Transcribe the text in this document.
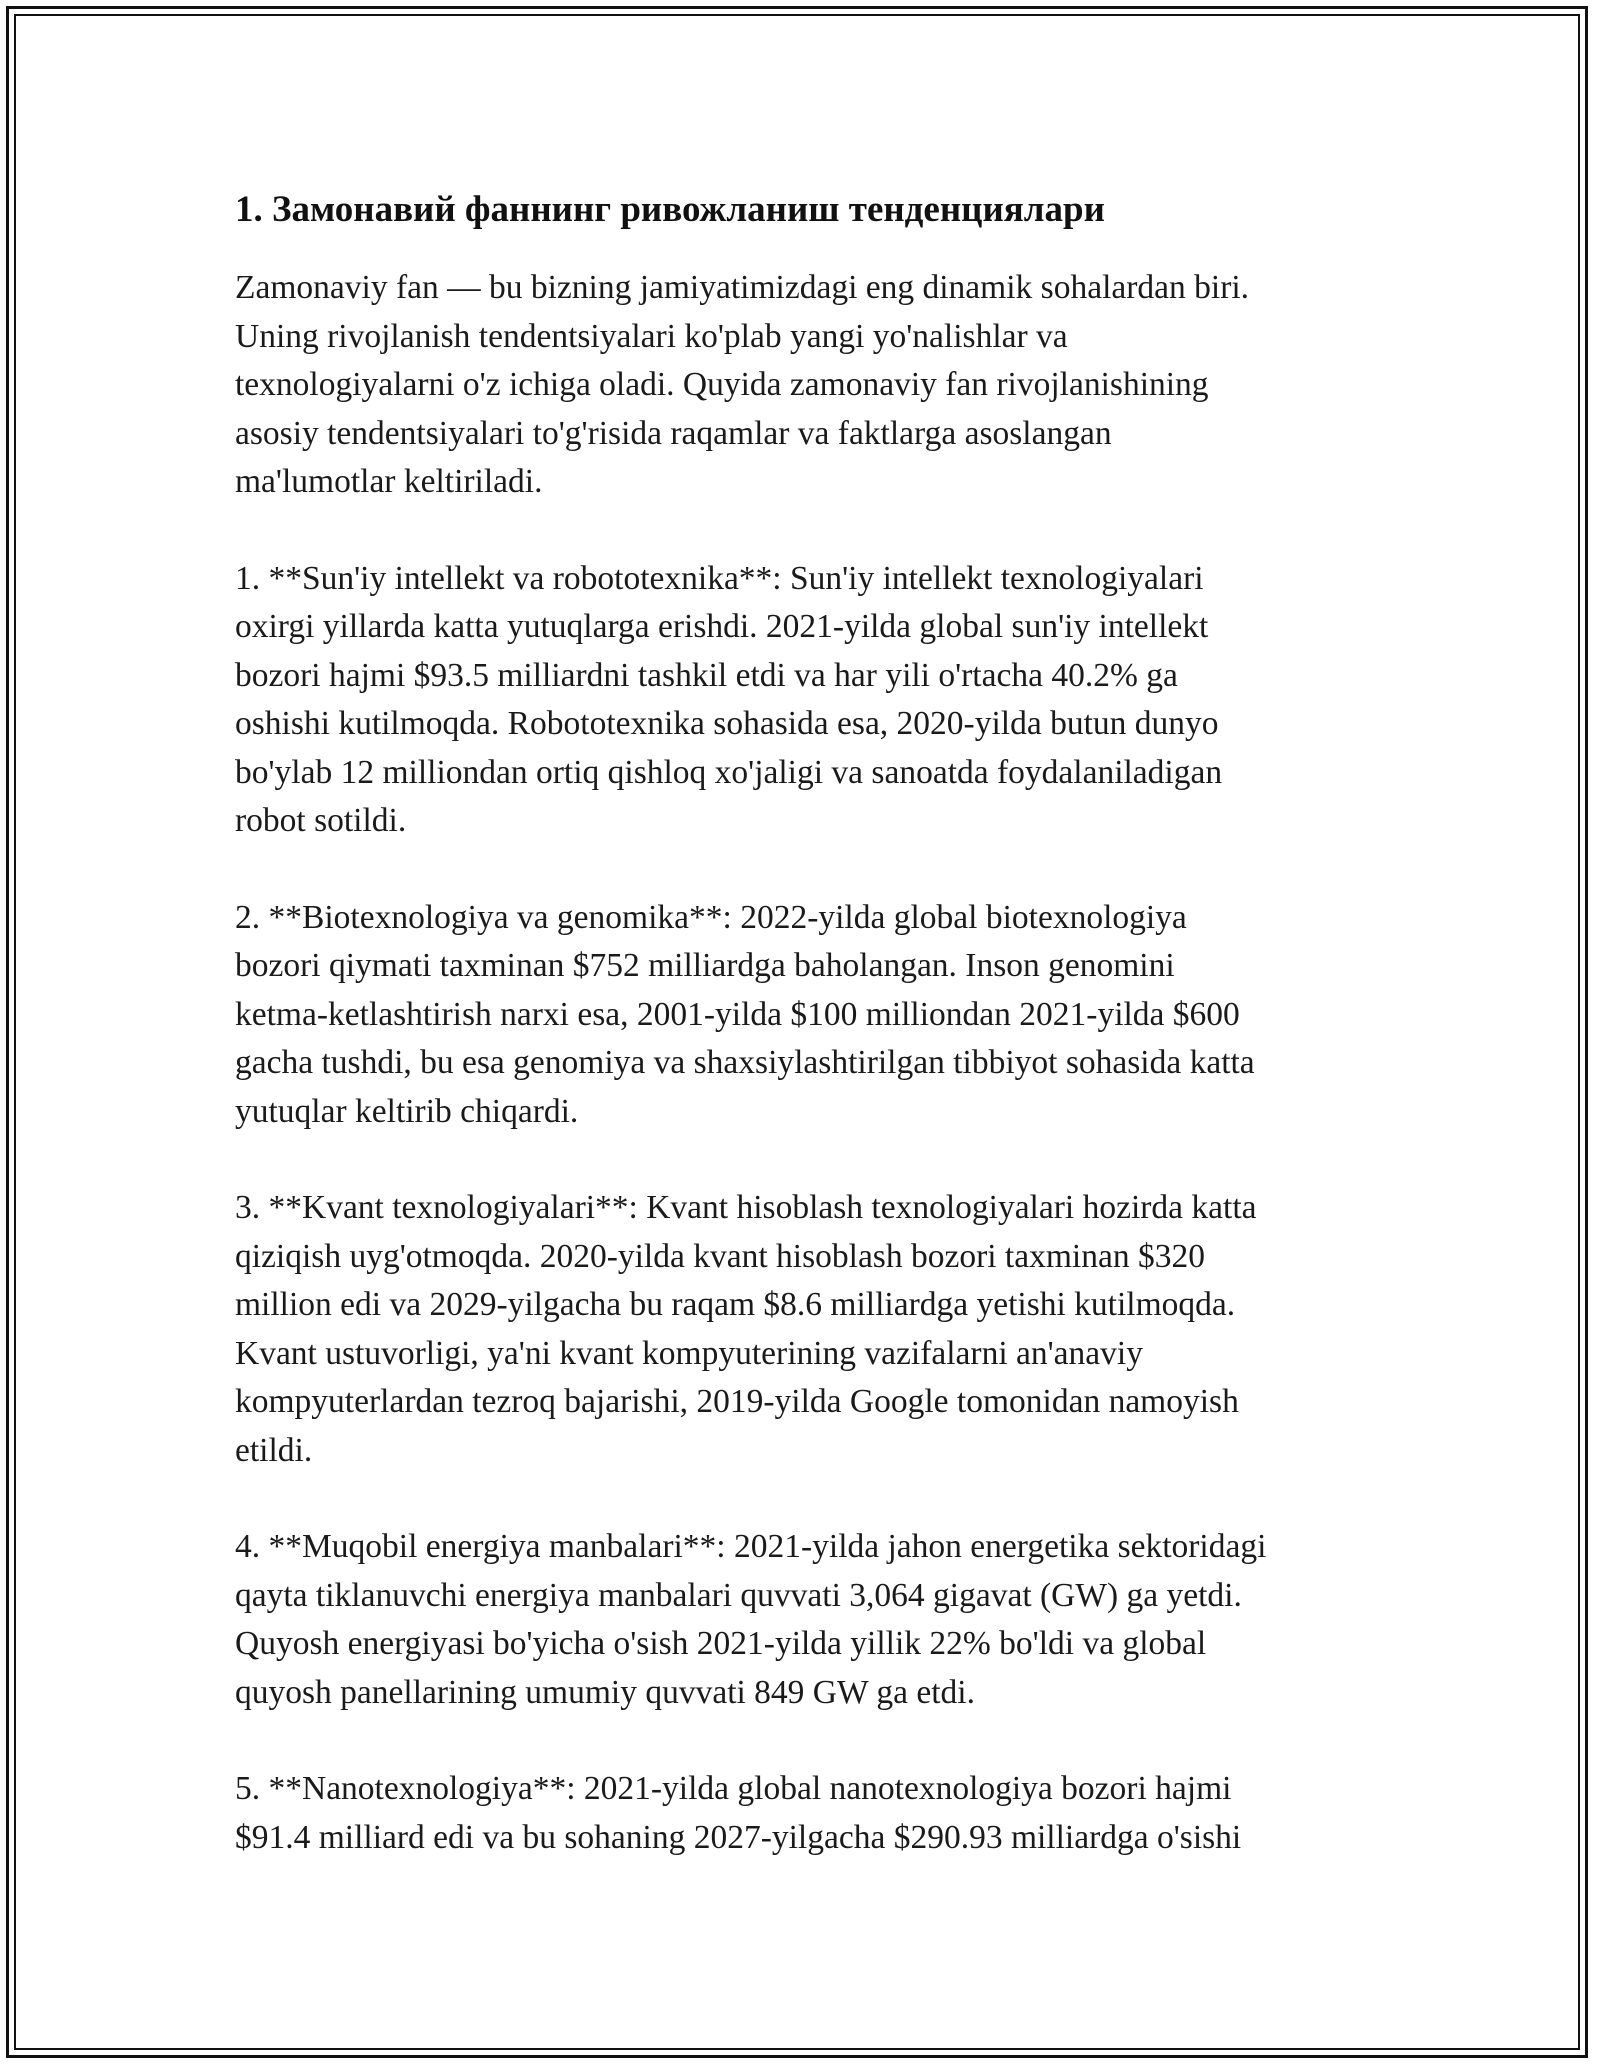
1. Замонавий фаннинг ривожланиш тенденциялари

Zamonaviy fan — bu bizning jamiyatimizdagi eng dinamik sohalardan biri.
Uning rivojlanish tendentsiyalari ko'plab yangi yo'nalishlar va
texnologiyalarni o'z ichiga oladi. Quyida zamonaviy fan rivojlanishining
asosiy tendentsiyalari to'g'risida raqamlar va faktlarga asoslangan
ma'lumotlar keltiriladi.

1. **Sun'iy intellekt va robototexnika**: Sun'iy intellekt texnologiyalari
oxirgi yillarda katta yutuqlarga erishdi. 2021-yilda global sun'iy intellekt
bozori hajmi $93.5 milliardni tashkil etdi va har yili o'rtacha 40.2% ga
oshishi kutilmoqda. Robototexnika sohasida esa, 2020-yilda butun dunyo
bo'ylab 12 milliondan ortiq qishloq xo'jaligi va sanoatda foydalaniladigan
robot sotildi.

2. **Biotexnologiya va genomika**: 2022-yilda global biotexnologiya
bozori qiymati taxminan $752 milliardga baholangan. Inson genomini
ketma-ketlashtirish narxi esa, 2001-yilda $100 milliondan 2021-yilda $600
gacha tushdi, bu esa genomiya va shaxsiylashtirilgan tibbiyot sohasida katta
yutuqlar keltirib chiqardi.

3. **Kvant texnologiyalari**: Kvant hisoblash texnologiyalari hozirda katta
qiziqish uyg'otmoqda. 2020-yilda kvant hisoblash bozori taxminan $320
million edi va 2029-yilgacha bu raqam $8.6 milliardga yetishi kutilmoqda.
Kvant ustuvorligi, ya'ni kvant kompyuterining vazifalarni an'anaviy
kompyuterlardan tezroq bajarishi, 2019-yilda Google tomonidan namoyish
etildi.

4. **Muqobil energiya manbalari**: 2021-yilda jahon energetika sektoridagi
qayta tiklanuvchi energiya manbalari quvvati 3,064 gigavat (GW) ga yetdi.
Quyosh energiyasi bo'yicha o'sish 2021-yilda yillik 22% bo'ldi va global
quyosh panellarining umumiy quvvati 849 GW ga etdi.

5. **Nanotexnologiya**: 2021-yilda global nanotexnologiya bozori hajmi
$91.4 milliard edi va bu sohaning 2027-yilgacha $290.93 milliardga o'sishi
